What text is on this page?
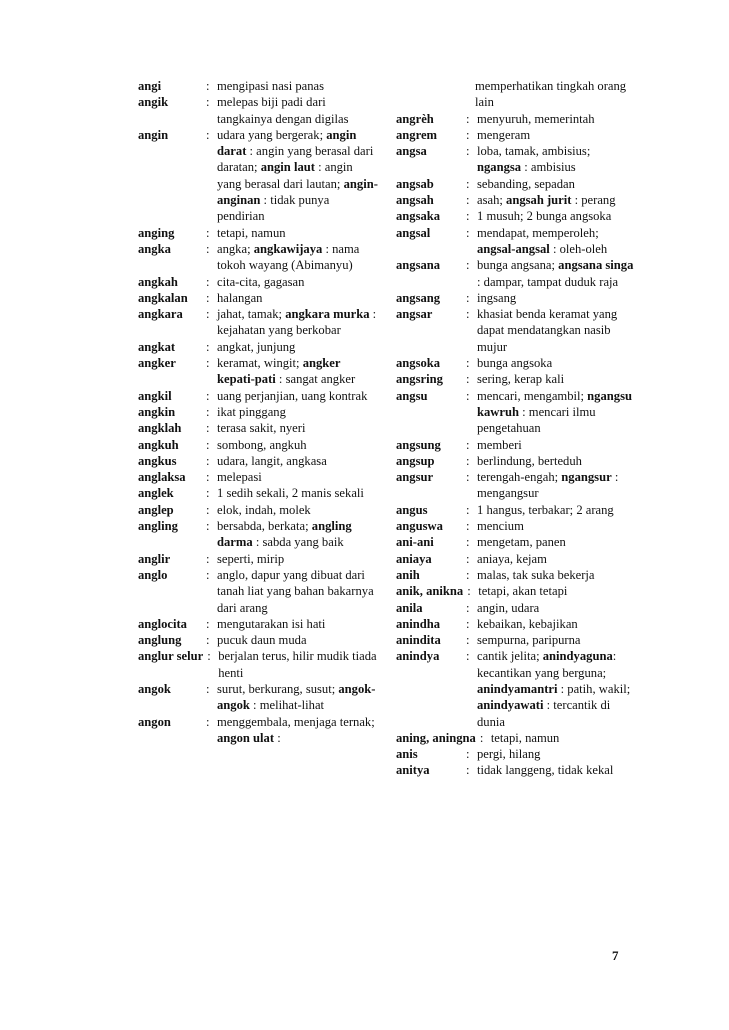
angi	: mengipasi nasi panas
angik	: melepas biji padi dari tangkainya dengan digilas
angin	: udara yang bergerak; angin darat : angin yang berasal dari daratan; angin laut : angin yang berasal dari lautan; angin-anginan : tidak punya pendirian
anging	: tetapi, namun
angka	: angka; angkawijaya : nama tokoh wayang (Abimanyu)
angkah	: cita-cita, gagasan
angkalan	: halangan
angkara	: jahat, tamak; angkara murka : kejahatan yang berkobar
angkat	: angkat, junjung
angker	: keramat, wingit; angker kepati-pati : sangat angker
angkil	: uang perjanjian, uang kontrak
angkin	: ikat pinggang
angklah	: terasa sakit, nyeri
angkuh	: sombong, angkuh
angkus	: udara, langit, angkasa
anglaksa	: melepasi
anglek	: 1 sedih sekali, 2 manis sekali
anglep	: elok, indah, molek
angling	: bersabda, berkata; angling darma : sabda yang baik
anglir	: seperti, mirip
anglo	: anglo, dapur yang dibuat dari tanah liat yang bahan bakarnya dari arang
anglocita	: mengutarakan isi hati
anglung	: pucuk daun muda
anglur selur : berjalan terus, hilir mudik tiada henti
angok	: surut, berkurang, susut; angok-angok : melihat-lihat
angon	: menggembala, menjaga ternak; angon ulat :
memperhatikan tingkah orang lain
angrèh	: menyuruh, memerintah
angrem	: mengeram
angsa	: loba, tamak, ambisius; ngangsa : ambisius
angsab	: sebanding, sepadan
angsah	: asah; angsah jurit : perang
angsaka	: 1 musuh; 2 bunga angsoka
angsal	: mendapat, memperoleh; angsal-angsal : oleh-oleh
angsana	: bunga angsana; angsana singa : dampar, tampat duduk raja
angsang	: ingsang
angsar	: khasiat benda keramat yang dapat mendatangkan nasib mujur
angsoka	: bunga angsoka
angsring	: sering, kerap kali
angsu	: mencari, mengambil; ngangsu kawruh : mencari ilmu pengetahuan
angsung	: memberi
angsup	: berlindung, berteduh
angsur	: terengah-engah; ngangsur : mengangsur
angus	: 1 hangus, terbakar; 2 arang
anguswa	: mencium
ani-ani	: mengetam, panen
aniaya	: aniaya, kejam
anih	: malas, tak suka bekerja
anik, aniknа : tetapi, akan tetapi
anila	: angin, udara
anindha	: kebaikan, kebajikan
anindita	: sempurna, paripurna
anindya	: cantik jelita; anindyaguna: kecantikan yang berguna; anindyamantri : patih, wakil; anindyawati : tercantik di dunia
aning, aningna : tetapi, namun
anis	: pergi, hilang
anitya	: tidak langgeng, tidak kekal
7
